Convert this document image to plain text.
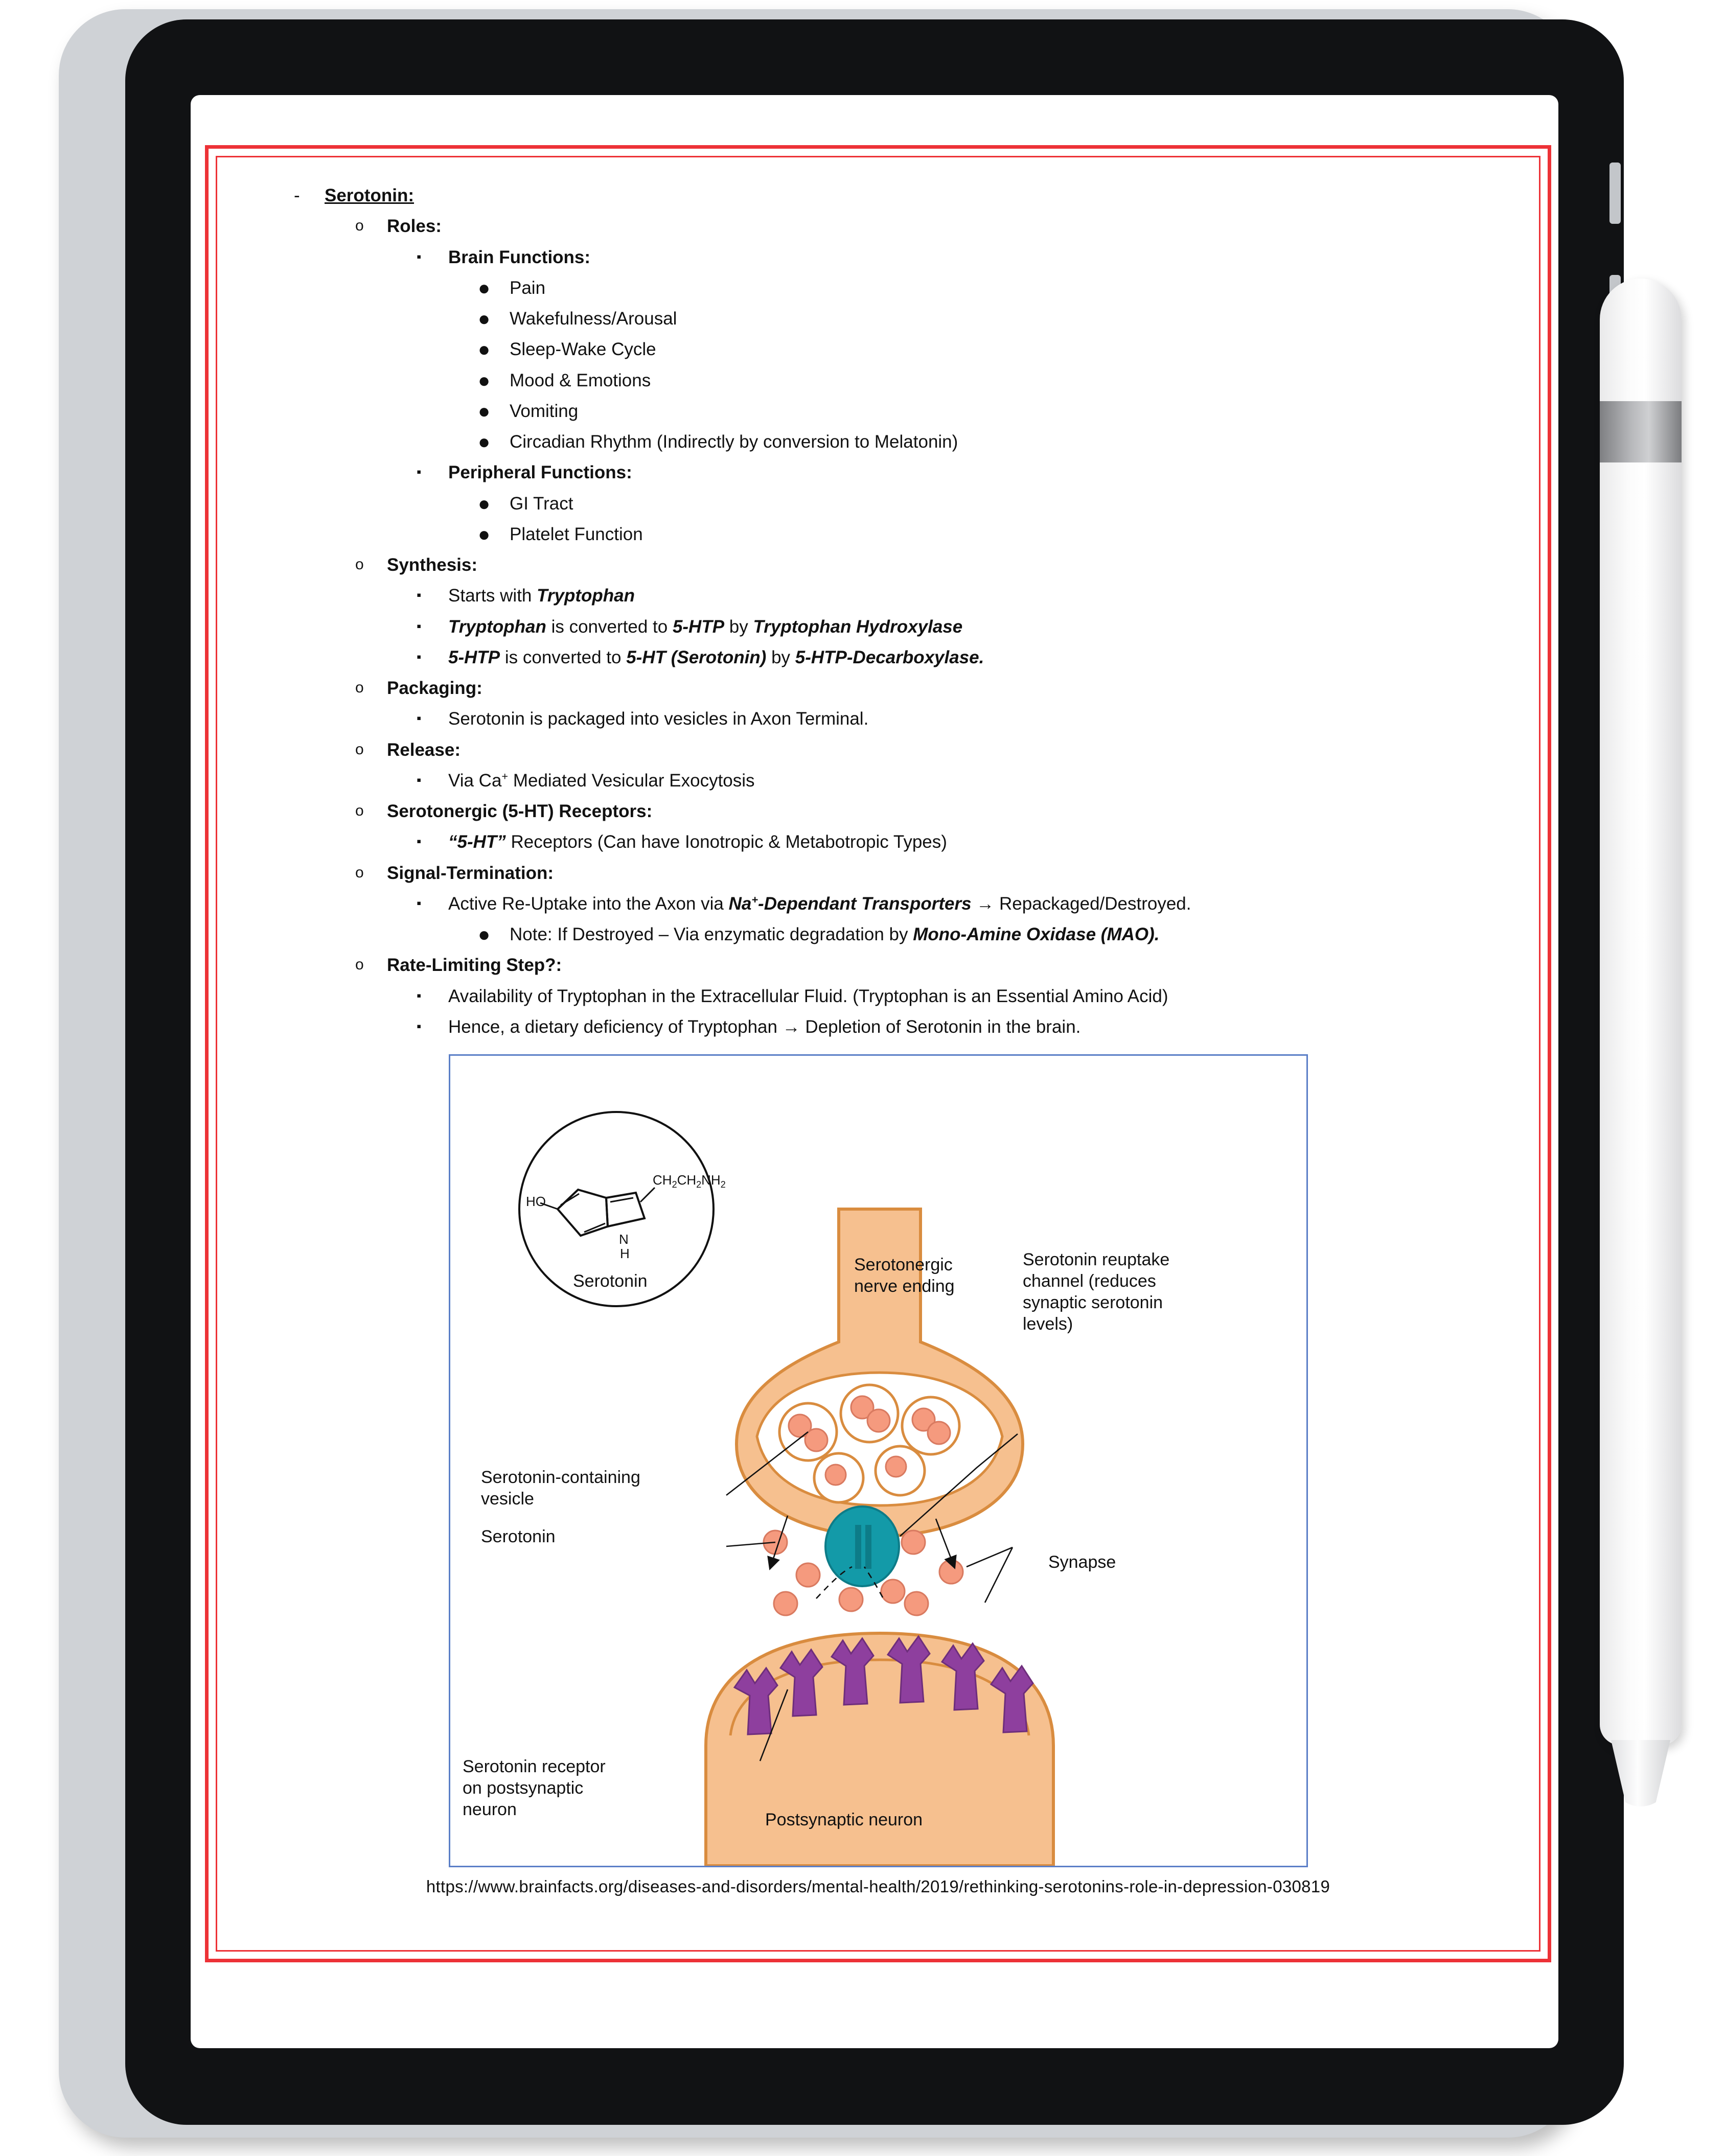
-	Serotonin:
o	Roles:
▪	Brain Functions:
●	Pain
●	Wakefulness/Arousal
●	Sleep-Wake Cycle
●	Mood & Emotions
●	Vomiting
●	Circadian Rhythm (Indirectly by conversion to Melatonin)
▪	Peripheral Functions:
●	GI Tract
●	Platelet Function
o	Synthesis:
▪	Starts with Tryptophan
▪	Tryptophan is converted to 5-HTP by Tryptophan Hydroxylase
▪	5-HTP is converted to 5-HT (Serotonin) by 5-HTP-Decarboxylase.
o	Packaging:
▪	Serotonin is packaged into vesicles in Axon Terminal.
o	Release:
▪	Via Ca+ Mediated Vesicular Exocytosis
o	Serotonergic (5-HT) Receptors:
▪	“5-HT” Receptors (Can have Ionotropic & Metabotropic Types)
o	Signal-Termination:
▪	Active Re-Uptake into the Axon via Na+-Dependant Transporters → Repackaged/Destroyed.
●	Note: If Destroyed – Via enzymatic degradation by Mono-Amine Oxidase (MAO).
o	Rate-Limiting Step?:
▪	Availability of Tryptophan in the Extracellular Fluid. (Tryptophan is an Essential Amino Acid)
▪	Hence, a dietary deficiency of Tryptophan → Depletion of Serotonin in the brain.
HO
$CH_2CH_2NH_2$
N
H
Serotonin
Serotonergic
nerve ending
Serotonin-containing
vesicle
Serotonin
Serotonin reuptake
channel (reduces
synaptic serotonin
levels)
Synapse
Serotonin receptor
on postsynaptic
neuron
Postsynaptic neuron
https://www.brainfacts.org/diseases-and-disorders/mental-health/2019/rethinking-serotonins-role-in-depression-030819
